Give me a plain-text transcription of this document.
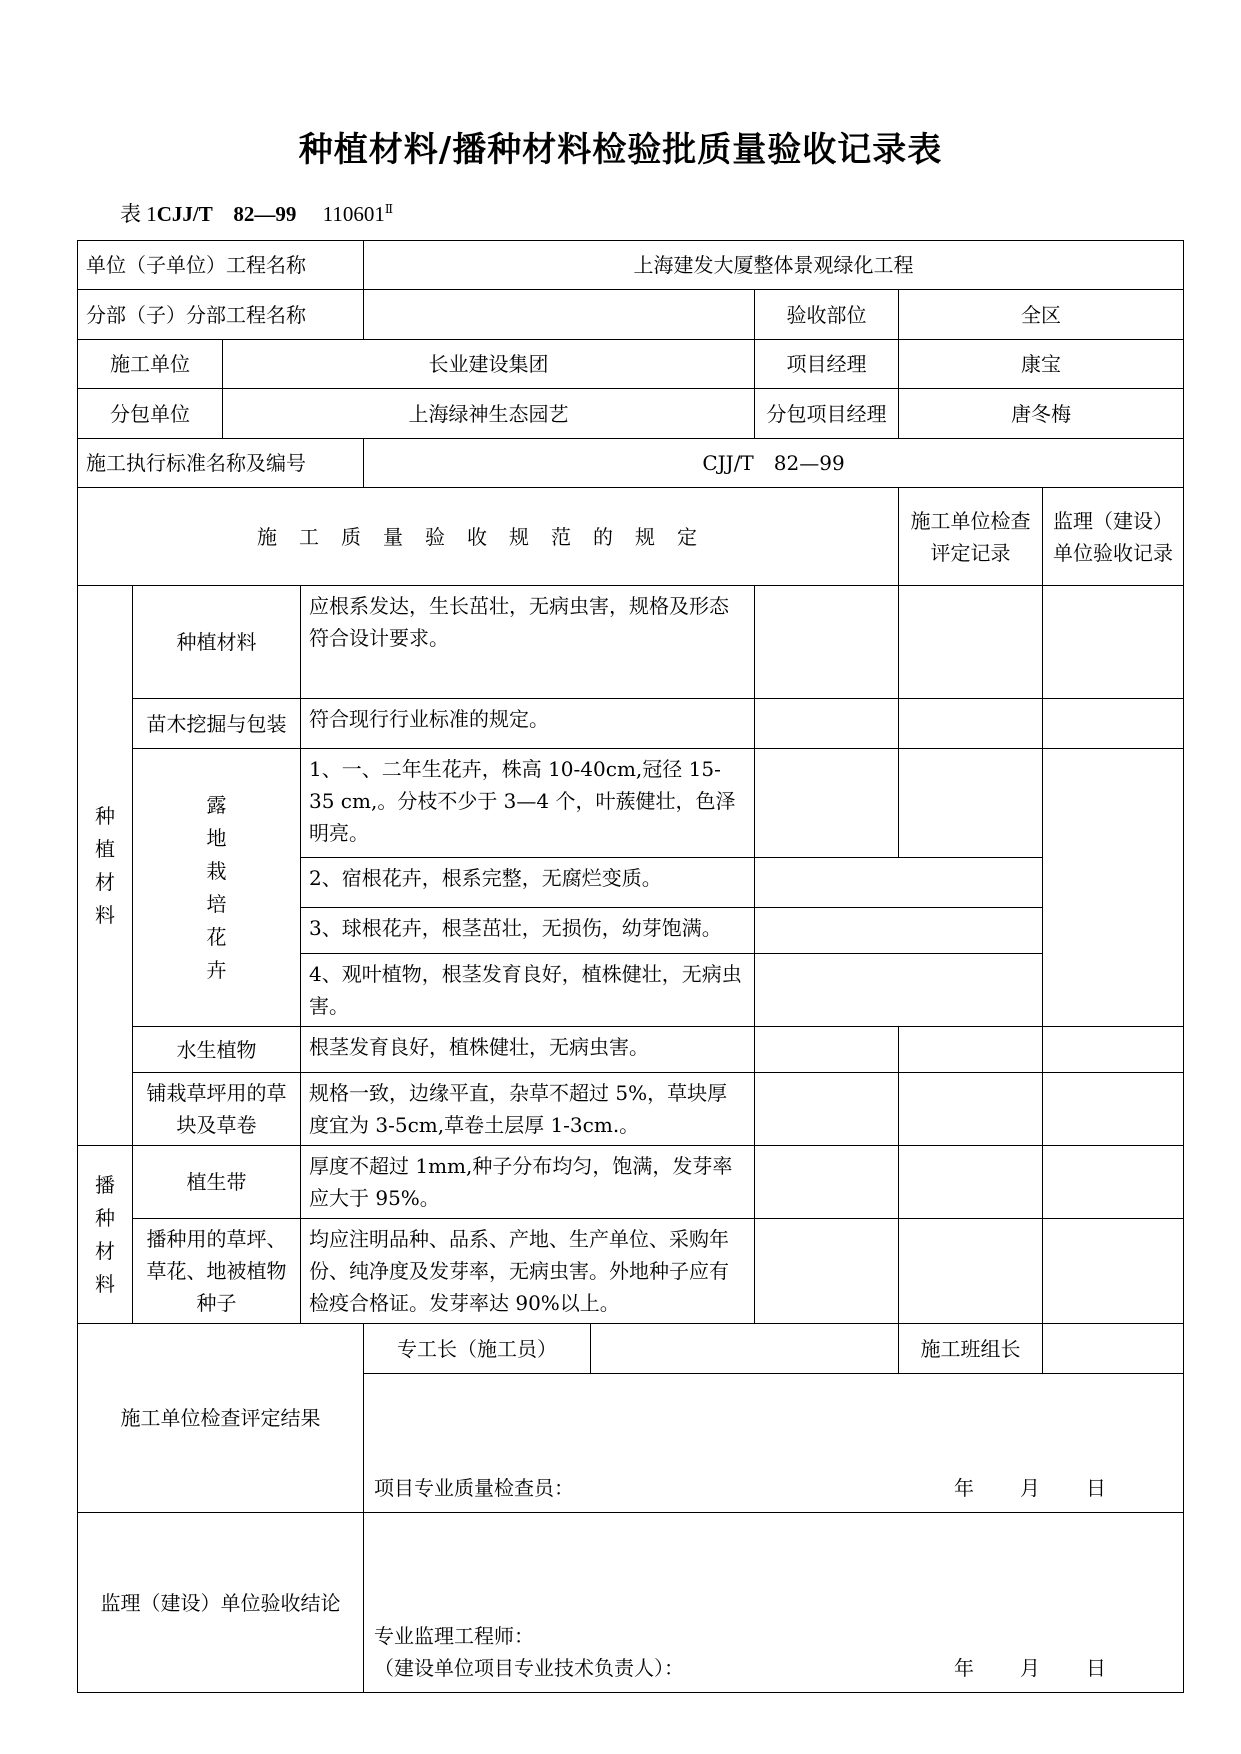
种植材料/播种材料检验批质量验收记录表
表 1CJJ/T　82—99　 $110601^Ⅱ$
单位（子单位）工程名称				上海建发大厦整体景观绿化工程				
分部（子）分部工程名称						验收部位	全区	
施工单位		长业建设集团				项目经理	康宝	
分包单位		上海绿神生态园艺				分包项目经理	唐冬梅	
施工执行标准名称及编号				CJJ/T　82—99				
施工质量验收规范的规定							施工单位检查评定记录	监理（建设）单位验收记录
种植材料	种植材料		应根系发达，生长茁壮，无病虫害，规格及形态符合设计要求。					
	苗木挖掘与包装		符合现行行业标准的规定。					
	露地栽培花卉		1、一、二年生花卉，株高 10-40cm,冠径 15-35 cm,。分枝不少于 3—4 个，叶蔟健壮，色泽明亮。					
			2、宿根花卉，根系完整，无腐烂变质。					
			3、球根花卉，根茎茁壮，无损伤，幼芽饱满。					
			4、观叶植物，根茎发育良好，植株健壮，无病虫害。					
	水生植物		根茎发育良好，植株健壮，无病虫害。					
	铺栽草坪用的草块及草卷		规格一致，边缘平直，杂草不超过 5%，草块厚度宜为 3-5cm,草卷土层厚 1-3cm.。					
播种材料	植生带		厚度不超过 1mm,种子分布均匀，饱满，发芽率应大于 95%。					
	播种用的草坪、草花、地被植物种子		均应注明品种、品系、产地、生产单位、采购年份、纯净度及发芽率，无病虫害。外地种子应有检疫合格证。发芽率达 90%以上。					
施工单位检查评定结果				专工长（施工员）			施工班组长	

				项目专业质量检查员： 年 月 日				

监理（建设）单位验收结论				专业监理工程师：
（建设单位项目专业技术负责人）： 年 月 日				
